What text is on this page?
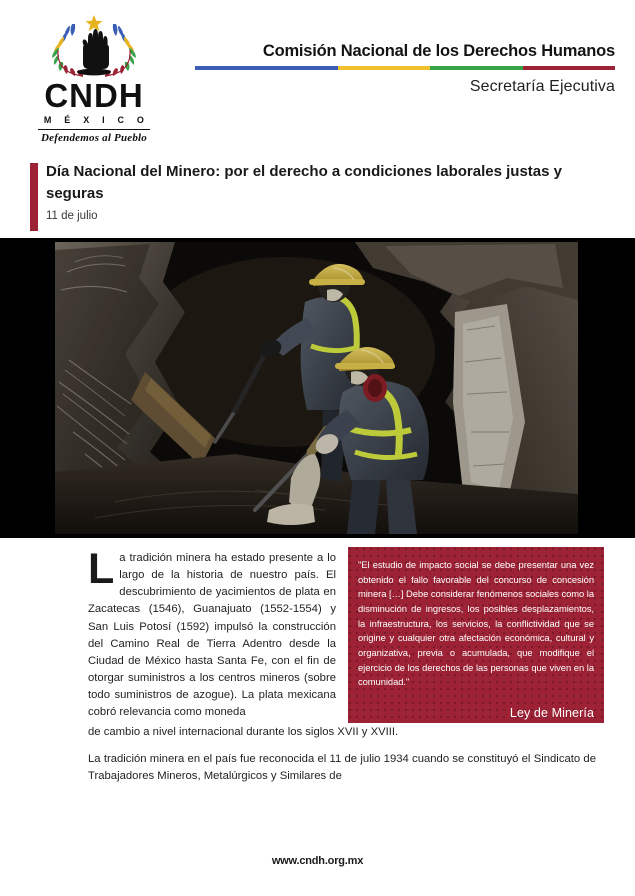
CNDH
M É X I C O
Defendemos al Pueblo
Comisión Nacional de los Derechos Humanos
Secretaría Ejecutiva
Día Nacional del Minero: por el derecho a condiciones laborales justas y seguras
11 de julio
"El estudio de impacto social se debe presentar una vez obtenido el fallo favorable del concurso de concesión minera […] Debe considerar fenómenos sociales como la disminución de ingresos, los posibles desplazamientos, la infraestructura, los servicios, la conflictividad que se origine y cualquier otra afectación económica, cultural y organizativa, previa o acumulada, que modifique el ejercicio de los derechos de las personas que viven en la comunidad."
Ley de Minería
Artículo 6 BIS
La tradición minera ha estado presente a lo largo de la historia de nuestro país. El descubrimiento de yacimientos de plata en Zacatecas (1546), Guanajuato (1552-1554) y San Luis Potosí (1592) impulsó la construcción del Camino Real de Tierra Adentro desde la Ciudad de México hasta Santa Fe, con el fin de otorgar suministros a los centros mineros (sobre todo suministros de azogue). La plata mexicana cobró relevancia como moneda

de cambio a nivel internacional durante los siglos XVII y XVIII.

La tradición minera en el país fue reconocida el 11 de julio 1934 cuando se constituyó el Sindicato de Trabajadores Mineros, Metalúrgicos y Similares de

www.cndh.org.mx
